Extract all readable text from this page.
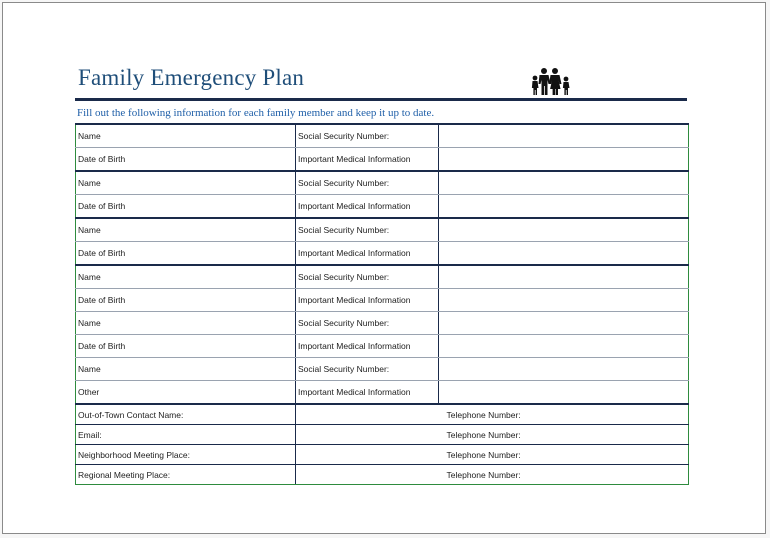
Family Emergency Plan
Fill out the following information for each family member and keep it up to date.
Name	Social Security Number:	
Date of Birth	Important Medical Information	
Name	Social Security Number:	
Date of Birth	Important Medical Information	
Name	Social Security Number:	
Date of Birth	Important Medical Information	
Name	Social Security Number:	
Date of Birth	Important Medical Information	
Name	Social Security Number:	
Date of Birth	Important Medical Information	
Name	Social Security Number:	
Other	Important Medical Information	
Out-of-Town Contact Name:		Telephone Number:
Email:		Telephone Number:
Neighborhood Meeting Place:		Telephone Number:
Regional Meeting Place:		Telephone Number:
